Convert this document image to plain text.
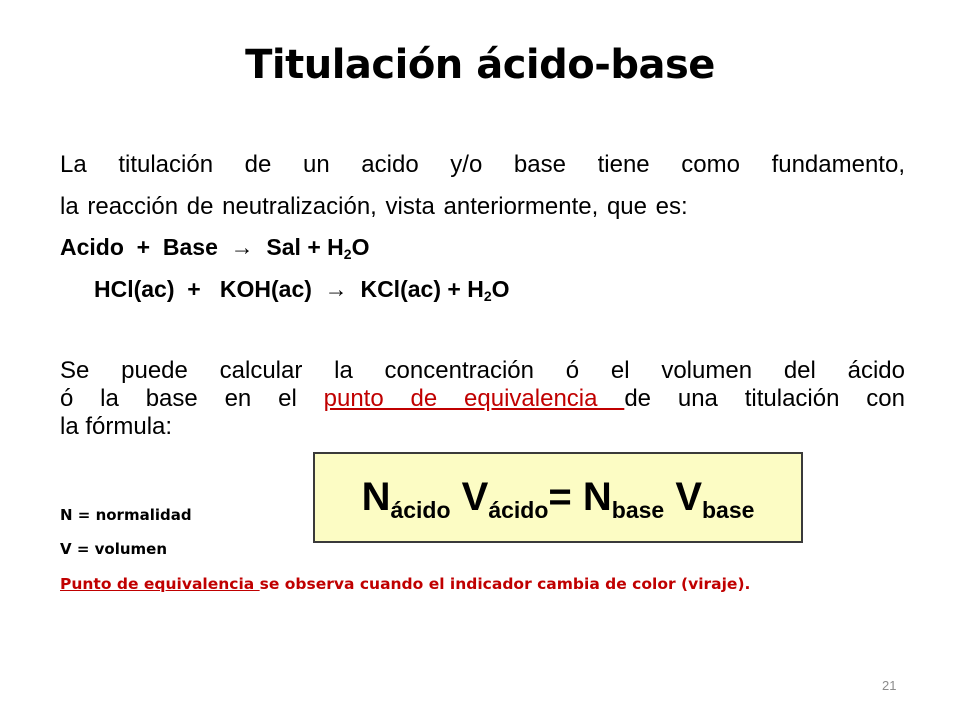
Titulación ácido-base
La titulación de un acido y/o base tiene como fundamento,
la reacción de neutralización, vista anteriormente, que es:
Acido  +  Base  →  Sal + $H_2O$
$HCl(ac) + KOH(ac) \to KCl(ac) + H_2O$
Se puede calcular la concentración ó el volumen del ácido
ó la base en el punto de equivalencia de una titulación con
la fórmula:
$N_{ácido}$ $V_{ácido}= N_{base}$ $V_{base}$
N = normalidad
V = volumen
Punto de equivalencia se observa cuando el indicador cambia de color (viraje).
21
